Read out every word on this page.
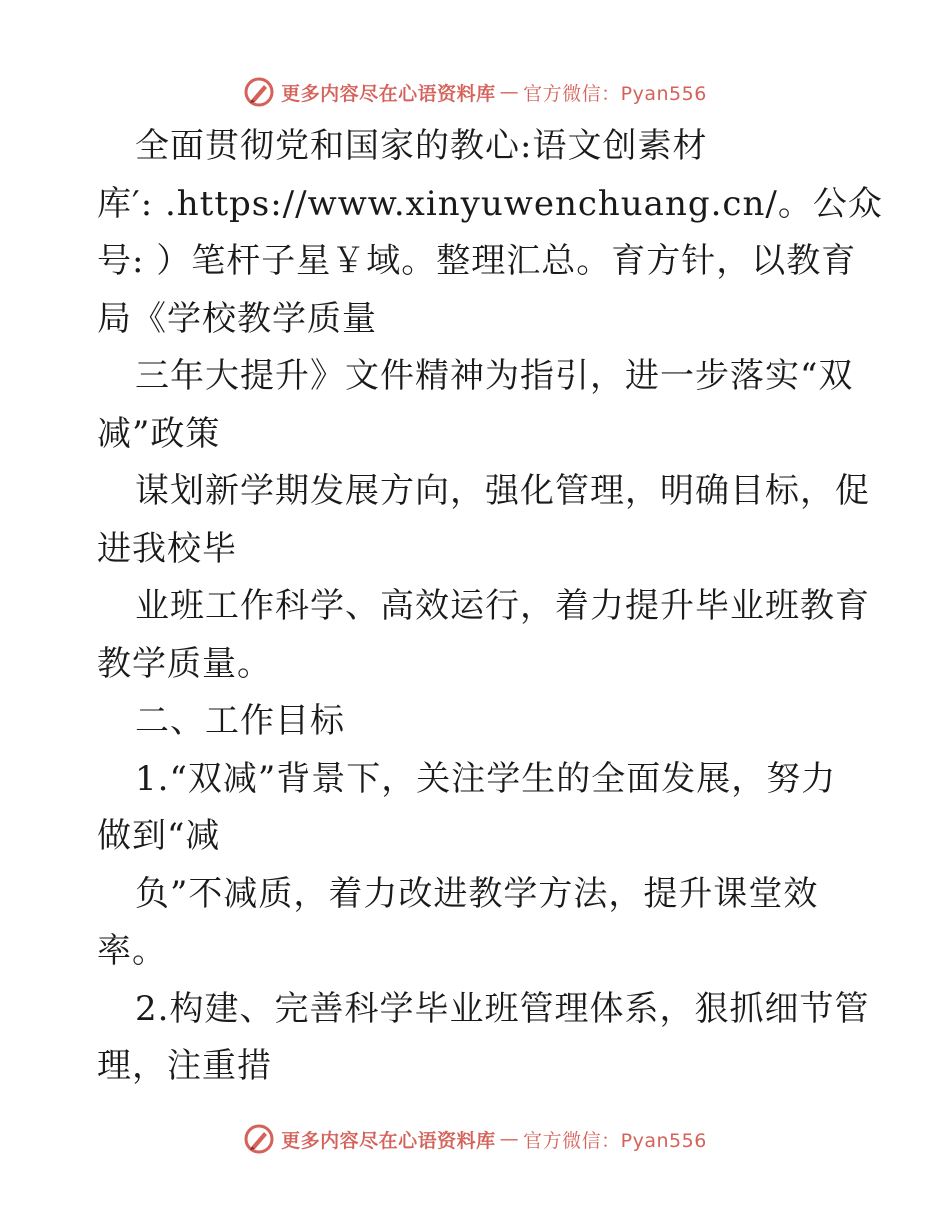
更多内容尽在心语资料库 — 官方微信：Pyan556
全面贯彻党和国家的教心:语文创素材
库′: .https://www.xinyuwenchuang.cn/。公众
号: ）笔杆子星￥域。整理汇总。育方针，以教育
局《学校教学质量
三年大提升》文件精神为指引，进一步落实“双
减”政策
谋划新学期发展方向，强化管理，明确目标，促
进我校毕
业班工作科学、高效运行，着力提升毕业班教育
教学质量。
二、工作目标
1.“双减”背景下，关注学生的全面发展，努力
做到“减
负”不减质，着力改进教学方法，提升课堂效
率。
2.构建、完善科学毕业班管理体系，狠抓细节管
理，注重措
更多内容尽在心语资料库 — 官方微信：Pyan556
